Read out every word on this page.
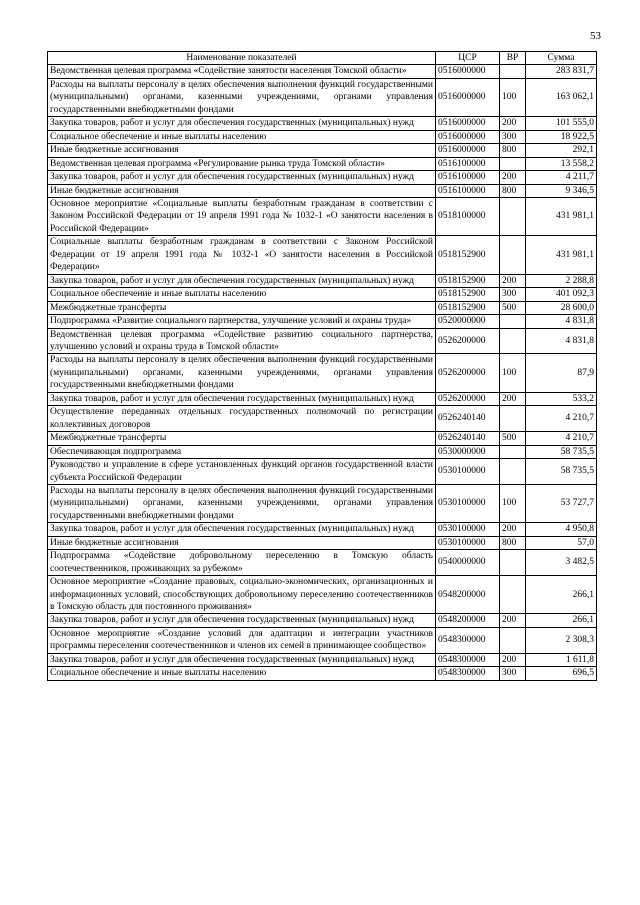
53
Наименование показателей	ЦСР	ВР	Сумма
Ведомственная целевая программа «Содействие занятости населения Томской области»	0516000000		283 831,7
Расходы на выплаты персоналу в целях обеспечения выполнения функций государственными (муниципальными) органами, казенными учреждениями, органами управления государственными внебюджетными фондами	0516000000	100	163 062,1
Закупка товаров, работ и услуг для обеспечения государственных (муниципальных) нужд	0516000000	200	101 555,0
Социальное обеспечение и иные выплаты населению	0516000000	300	18 922,5
Иные бюджетные ассигнования	0516000000	800	292,1
Ведомственная целевая программа «Регулирование рынка труда Томской области»	0516100000		13 558,2
Закупка товаров, работ и услуг для обеспечения государственных (муниципальных) нужд	0516100000	200	4 211,7
Иные бюджетные ассигнования	0516100000	800	9 346,5
Основное мероприятие «Социальные выплаты безработным гражданам в соответствии с Законом Российской Федерации от 19 апреля 1991 года № 1032-1 «О занятости населения в Российской Федерации»	0518100000		431 981,1
Социальные выплаты безработным гражданам в соответствии с Законом Российской Федерации от 19 апреля 1991 года № 1032-1 «О занятости населения в Российской Федерации»	0518152900		431 981,1
Закупка товаров, работ и услуг для обеспечения государственных (муниципальных) нужд	0518152900	200	2 288,8
Социальное обеспечение и иные выплаты населению	0518152900	300	401 092,3
Межбюджетные трансферты	0518152900	500	28 600,0
Подпрограмма «Развитие социального партнерства, улучшение условий и охраны труда»	0520000000		4 831,8
Ведомственная целевая программа «Содействие развитию социального партнерства, улучшению условий и охраны труда в Томской области»	0526200000		4 831,8
Расходы на выплаты персоналу в целях обеспечения выполнения функций государственными (муниципальными) органами, казенными учреждениями, органами управления государственными внебюджетными фондами	0526200000	100	87,9
Закупка товаров, работ и услуг для обеспечения государственных (муниципальных) нужд	0526200000	200	533,2
Осуществление переданных отдельных государственных полномочий по регистрации коллективных договоров	0526240140		4 210,7
Межбюджетные трансферты	0526240140	500	4 210,7
Обеспечивающая подпрограмма	0530000000		58 735,5
Руководство и управление в сфере установленных функций органов государственной власти субъекта Российской Федерации	0530100000		58 735,5
Расходы на выплаты персоналу в целях обеспечения выполнения функций государственными (муниципальными) органами, казенными учреждениями, органами управления государственными внебюджетными фондами	0530100000	100	53 727,7
Закупка товаров, работ и услуг для обеспечения государственных (муниципальных) нужд	0530100000	200	4 950,8
Иные бюджетные ассигнования	0530100000	800	57,0
Подпрограмма «Содействие добровольному переселению в Томскую область соотечественников, проживающих за рубежом»	0540000000		3 482,5
Основное мероприятие «Создание правовых, социально-экономических, организационных и информационных условий, способствующих добровольному переселению соотечественников в Томскую область для постоянного проживания»	0548200000		266,1
Закупка товаров, работ и услуг для обеспечения государственных (муниципальных) нужд	0548200000	200	266,1
Основное мероприятие «Создание условий для адаптации и интеграции участников программы переселения соотечественников и членов их семей в принимающее сообщество»	0548300000		2 308,3
Закупка товаров, работ и услуг для обеспечения государственных (муниципальных) нужд	0548300000	200	1 611,8
Социальное обеспечение и иные выплаты населению	0548300000	300	696,5
